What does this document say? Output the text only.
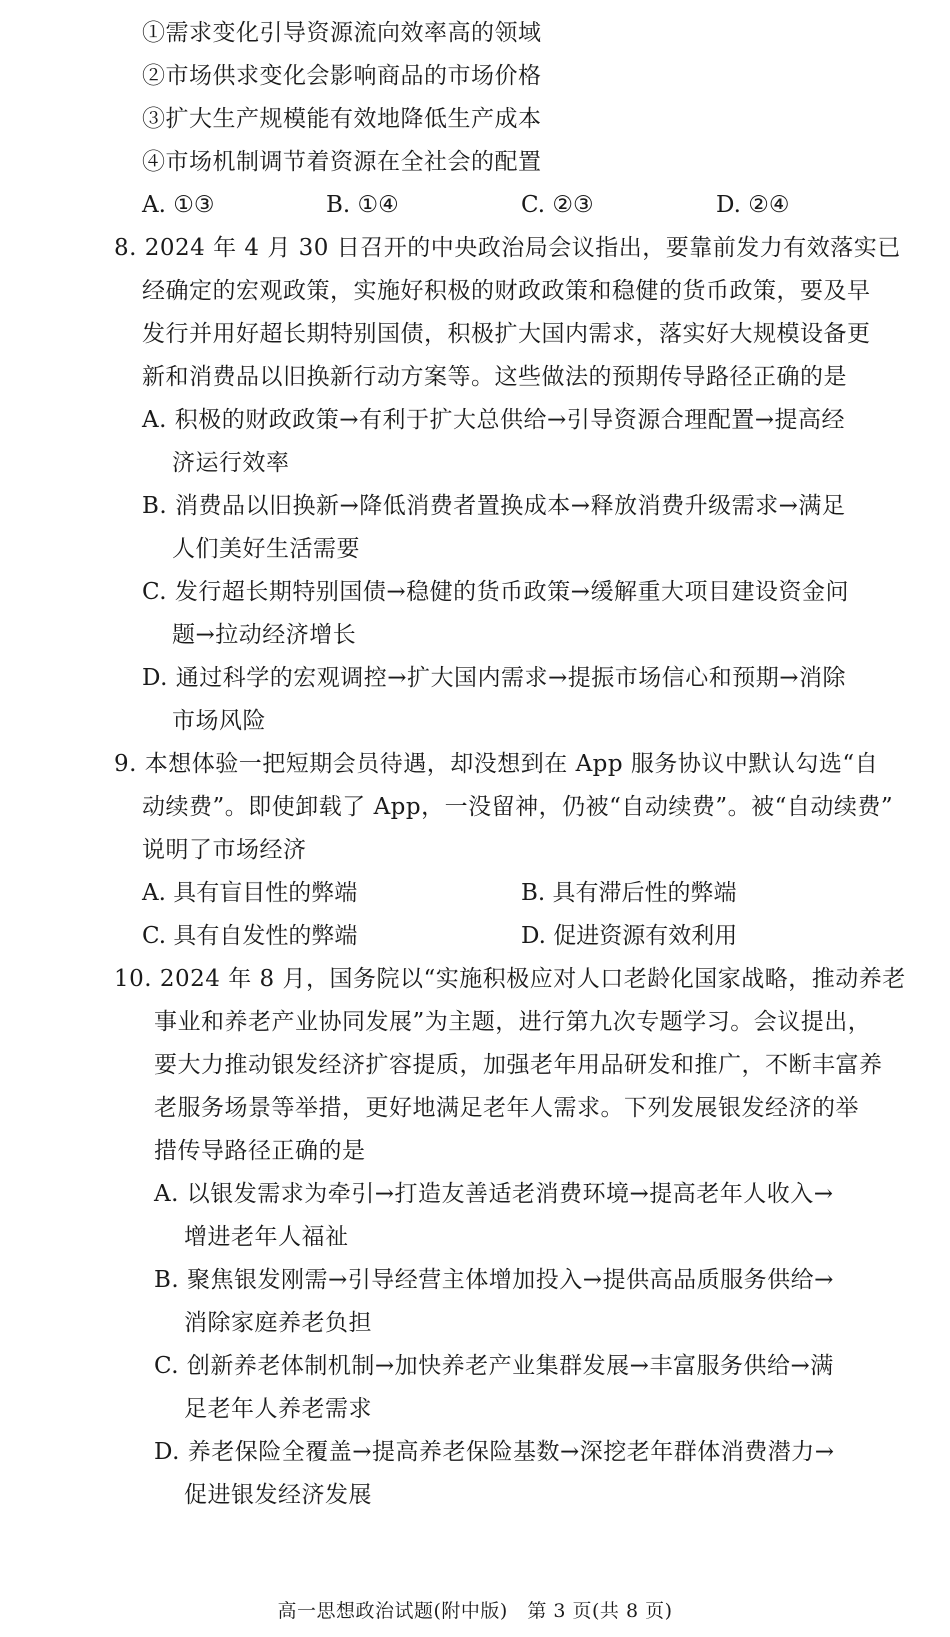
①需求变化引导资源流向效率高的领域
②市场供求变化会影响商品的市场价格
③扩大生产规模能有效地降低生产成本
④市场机制调节着资源在全社会的配置
A. ①③	B. ①④	C. ②③	D. ②④
8. 2024 年 4 月 30 日召开的中央政治局会议指出，要靠前发力有效落实已
经确定的宏观政策，实施好积极的财政政策和稳健的货币政策，要及早
发行并用好超长期特别国债，积极扩大国内需求，落实好大规模设备更
新和消费品以旧换新行动方案等。这些做法的预期传导路径正确的是
A. 积极的财政政策→有利于扩大总供给→引导资源合理配置→提高经
济运行效率
B. 消费品以旧换新→降低消费者置换成本→释放消费升级需求→满足
人们美好生活需要
C. 发行超长期特别国债→稳健的货币政策→缓解重大项目建设资金问
题→拉动经济增长
D. 通过科学的宏观调控→扩大国内需求→提振市场信心和预期→消除
市场风险
9. 本想体验一把短期会员待遇，却没想到在 App 服务协议中默认勾选“自
动续费”。即使卸载了 App，一没留神，仍被“自动续费”。被“自动续费”
说明了市场经济
A. 具有盲目性的弊端	B. 具有滞后性的弊端
C. 具有自发性的弊端	D. 促进资源有效利用
10. 2024 年 8 月，国务院以“实施积极应对人口老龄化国家战略，推动养老
事业和养老产业协同发展”为主题，进行第九次专题学习。会议提出，
要大力推动银发经济扩容提质，加强老年用品研发和推广，不断丰富养
老服务场景等举措，更好地满足老年人需求。下列发展银发经济的举
措传导路径正确的是
A. 以银发需求为牵引→打造友善适老消费环境→提高老年人收入→
增进老年人福祉
B. 聚焦银发刚需→引导经营主体增加投入→提供高品质服务供给→
消除家庭养老负担
C. 创新养老体制机制→加快养老产业集群发展→丰富服务供给→满
足老年人养老需求
D. 养老保险全覆盖→提高养老保险基数→深挖老年群体消费潜力→
促进银发经济发展
高一思想政治试题(附中版)　第 3 页(共 8 页)
